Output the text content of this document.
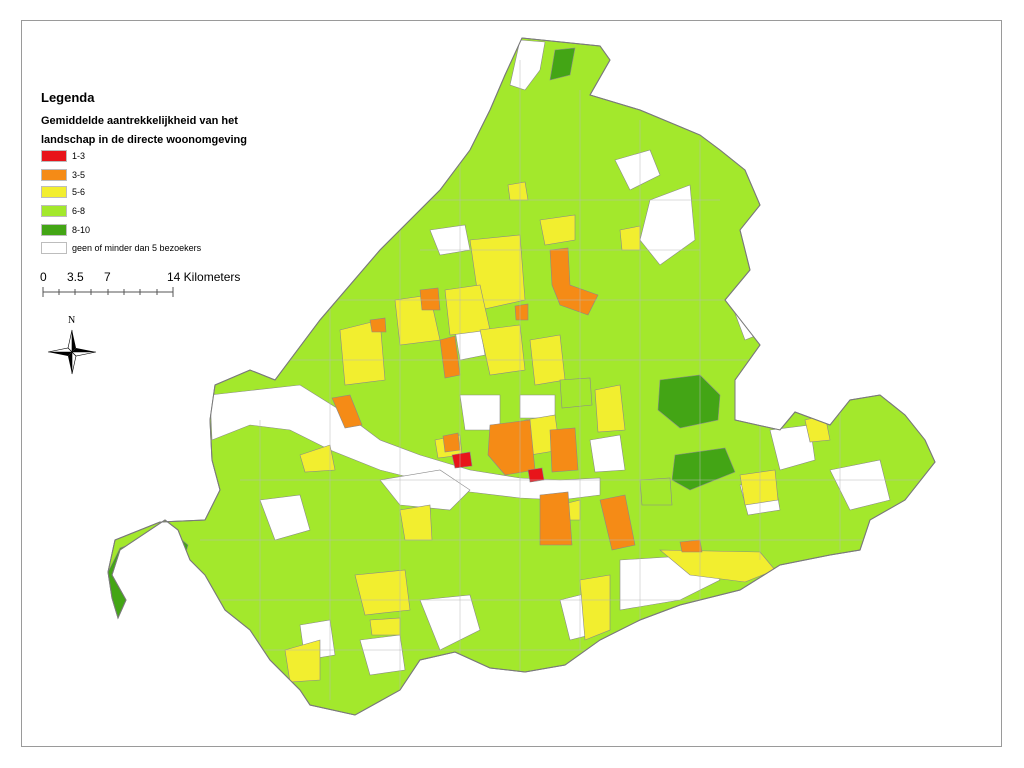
N
Legenda
Gemiddelde aantrekkelijkheid van het
landschap in de directe woonomgeving
1-3
3-5
5-6
6-8
8-10
geen of minder dan 5 bezoekers
0 3.5 7	14 Kilometers
